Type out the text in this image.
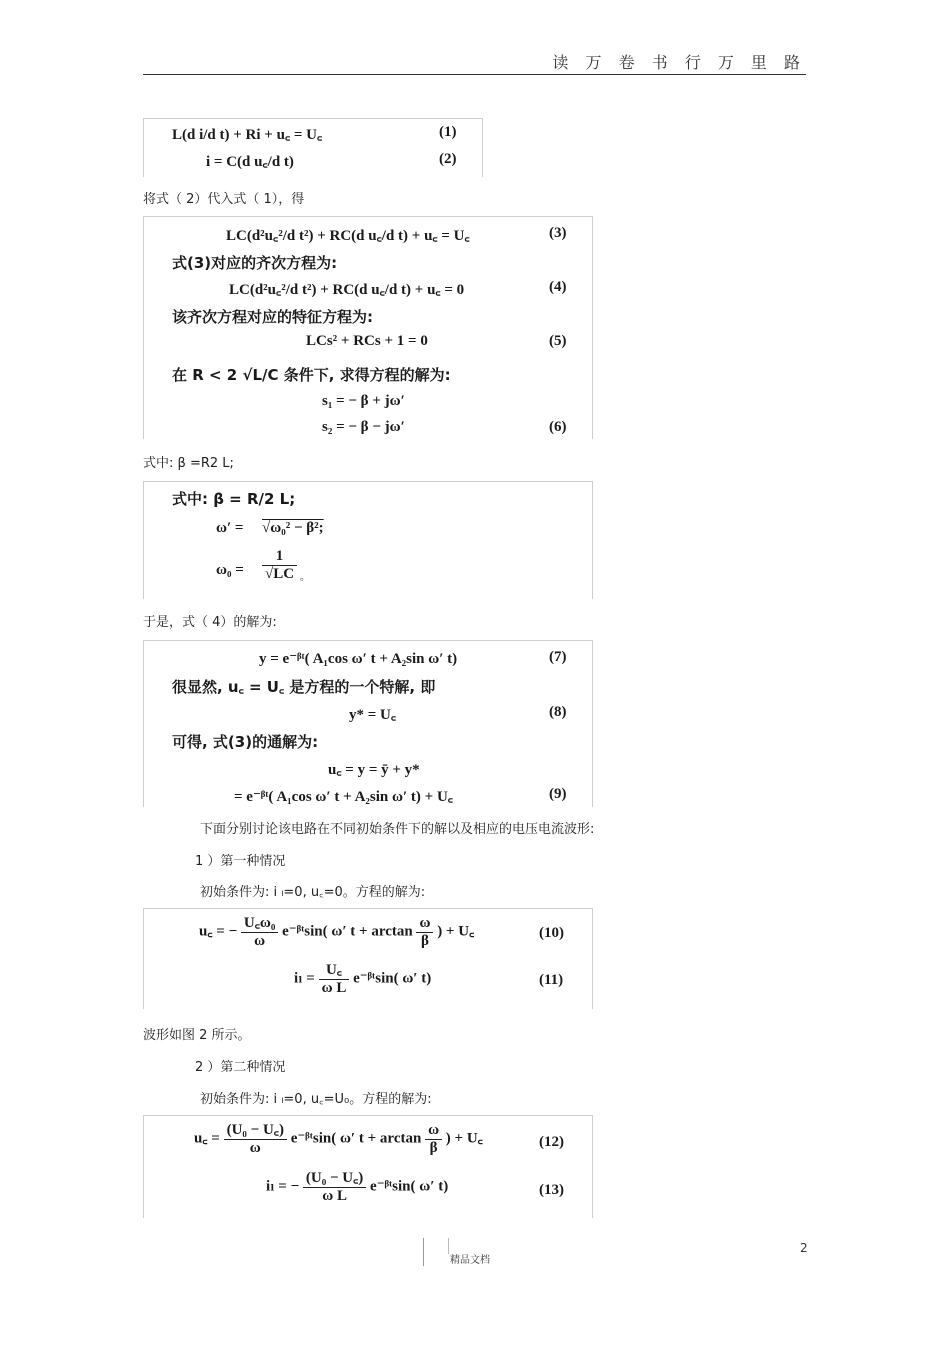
读 万 卷 书 行 万 里 路
L(d i/d t) + Ri + u꜀ = U꜀	(1)
i = C(d u꜀/d t)	(2)
将式（ 2）代入式（ 1），得
LC(d²u꜀²/d t²) + RC(d u꜀/d t) + u꜀ = U꜀	(3)
式(3)对应的齐次方程为:
LC(d²u꜀²/d t²) + RC(d u꜀/d t) + u꜀ = 0	(4)
该齐次方程对应的特征方程为:
LCs² + RCs + 1 = 0	(5)
在 R < 2 √L/C 条件下, 求得方程的解为:
s₁ = − β + jω′
s₂ = − β − jω′	(6)
式中: β =R2 L;
式中: β = R/2 L;
ω′ = √ω₀² − β²;
$\omega_0 = \frac{1}{√LC}$ 。
于是，式（ 4）的解为:
y = e⁻ᵝᵗ( A₁cos ω′ t + A₂sin ω′ t)	(7)
很显然, u꜀ = U꜀ 是方程的一个特解, 即
y* = U꜀	(8)
可得, 式(3)的通解为:
u꜀ = y = ȳ + y*
= e⁻ᵝᵗ( A₁cos ω′ t + A₂sin ω′ t) + U꜀	(9)
下面分别讨论该电路在不同初始条件下的解以及相应的电压电流波形:
1 ）第一种情况
初始条件为: i ₗ=0, u꜀=0。方程的解为:
u꜀ = − $\frac{\text{U꜀ω₀}}{\omega}$ e⁻ᵝᵗsin( ω′ $t + \arctan \frac{\omega}{\beta}$ ) + U꜀	(10)
$i_l = \frac{U꜀}{\text{ω L}}$ e⁻ᵝᵗsin( ω′ t)	(11)
波形如图 2 所示。
2 ）第二种情况
初始条件为: i ₗ=0, u꜀=U₀。方程的解为:
u꜀ = $\frac{\text{(U₀ − U꜀)}}{\omega}$ e⁻ᵝᵗsin( ω′ $t + \arctan \frac{\omega}{\beta}$ ) + U꜀	(12)
iₗ = − $\frac{\text{(U₀ − U꜀)}}{\text{ω L}}$ e⁻ᵝᵗsin( ω′ t)	(13)
精品文档
2
